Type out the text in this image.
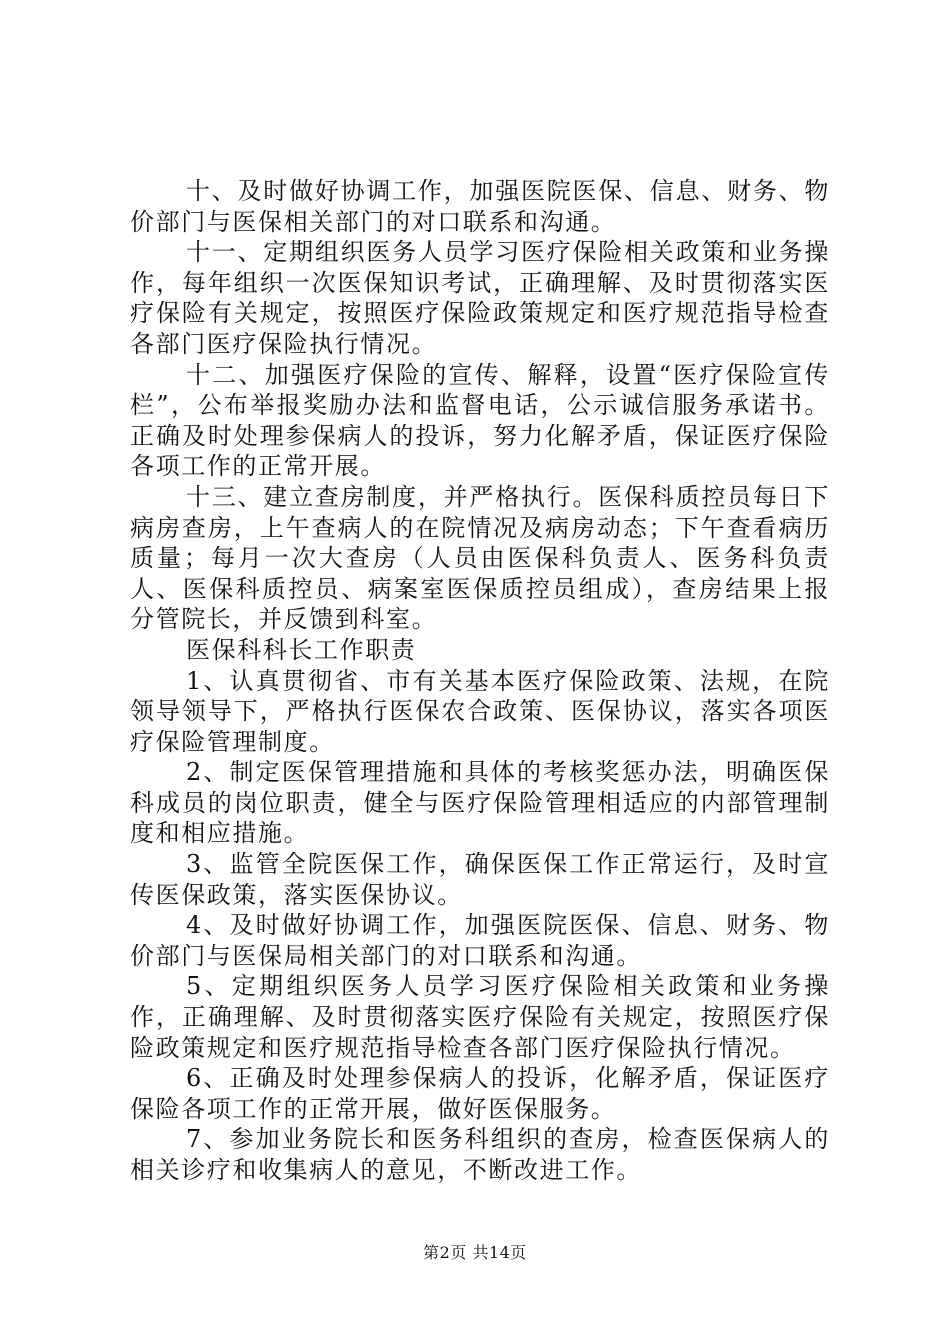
十、及时做好协调工作，加强医院医保、信息、财务、物价部门与医保相关部门的对口联系和沟通。

十一、定期组织医务人员学习医疗保险相关政策和业务操作，每年组织一次医保知识考试，正确理解、及时贯彻落实医疗保险有关规定，按照医疗保险政策规定和医疗规范指导检查各部门医疗保险执行情况。

十二、加强医疗保险的宣传、解释，设置“医疗保险宣传栏”，公布举报奖励办法和监督电话，公示诚信服务承诺书。正确及时处理参保病人的投诉，努力化解矛盾，保证医疗保险各项工作的正常开展。

十三、建立查房制度，并严格执行。医保科质控员每日下病房查房，上午查病人的在院情况及病房动态；下午查看病历质量；每月一次大查房（人员由医保科负责人、医务科负责人、医保科质控员、病案室医保质控员组成），查房结果上报分管院长，并反馈到科室。

医保科科长工作职责

1、认真贯彻省、市有关基本医疗保险政策、法规，在院领导领导下，严格执行医保农合政策、医保协议，落实各项医疗保险管理制度。

2、制定医保管理措施和具体的考核奖惩办法，明确医保科成员的岗位职责，健全与医疗保险管理相适应的内部管理制度和相应措施。

3、监管全院医保工作，确保医保工作正常运行，及时宣传医保政策，落实医保协议。

4、及时做好协调工作，加强医院医保、信息、财务、物价部门与医保局相关部门的对口联系和沟通。

5、定期组织医务人员学习医疗保险相关政策和业务操作，正确理解、及时贯彻落实医疗保险有关规定，按照医疗保险政策规定和医疗规范指导检查各部门医疗保险执行情况。

6、正确及时处理参保病人的投诉，化解矛盾，保证医疗保险各项工作的正常开展，做好医保服务。

7、参加业务院长和医务科组织的查房，检查医保病人的相关诊疗和收集病人的意见，不断改进工作。

第2页 共14页
